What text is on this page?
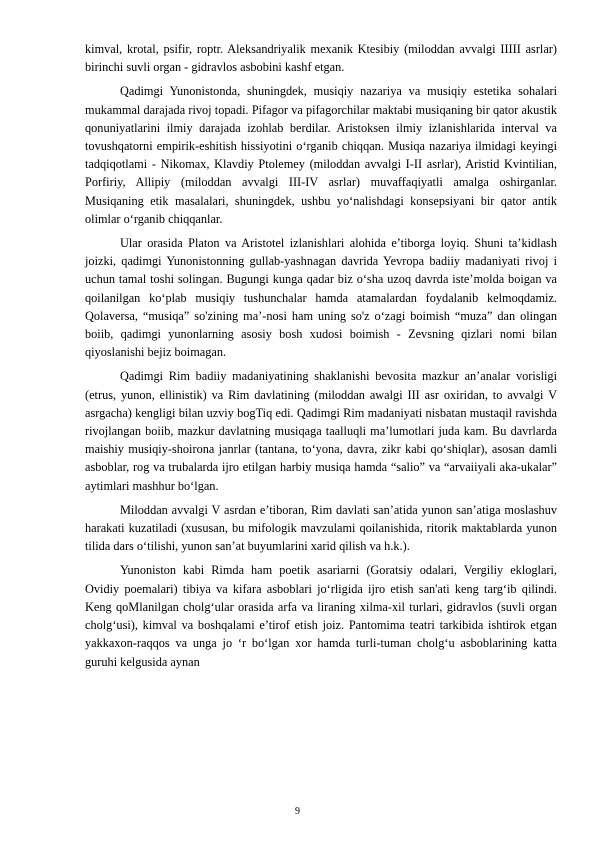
kimval, krotal, psifir, roptr. Aleksandriyalik mexanik Ktesibiy (miloddan avvalgi IIIII asrlar) birinchi suvli organ - gidravlos asbobini kashf etgan.

Qadimgi Yunonistonda, shuningdek, musiqiy nazariya va musiqiy estetika sohalari mukammal darajada rivoj topadi. Pifagor va pifagorchilar maktabi musiqaning bir qator akustik qonuniyatlarini ilmiy darajada izohlab berdilar. Aristoksen ilmiy izlanishlarida interval va tovushqatorni empirik-eshitish hissiyotini o‘rganib chiqqan. Musiqa nazariya ilmidagi keyingi tadqiqotlami - Nikomax, Klavdiy Ptolemey (miloddan avvalgi I-II asrlar), Aristid Kvintilian, Porfiriy, Allipiy (miloddan avvalgi III-IV asrlar) muvaffaqiyatli amalga oshirganlar. Musiqaning etik masalalari, shuningdek, ushbu yo‘nalishdagi konsepsiyani bir qator antik olimlar o‘rganib chiqqanlar.

Ular orasida Platon va Aristotel izlanishlari alohida e’tiborga loyiq. Shuni ta’kidlash joizki, qadimgi Yunonistonning gullab-yashnagan davrida Yevropa badiiy madaniyati rivoj i uchun tamal toshi solingan. Bugungi kunga qadar biz o‘sha uzoq davrda iste’molda boigan va qoilanilgan ko‘plab musiqiy tushunchalar hamda atamalardan foydalanib kelmoqdamiz. Qolaversa, “musiqa” so'zining ma’-nosi ham uning so'z o‘zagi boimish “muza” dan olingan boiib, qadimgi yunonlarning asosiy bosh xudosi boimish - Zevsning qizlari nomi bilan qiyoslanishi bejiz boimagan.

Qadimgi Rim badiiy madaniyatining shaklanishi bevosita mazkur an’analar vorisligi (etrus, yunon, ellinistik) va Rim davlatining (miloddan awalgi III asr oxiridan, to avvalgi V asrgacha) kengligi bilan uzviy bogTiq edi. Qadimgi Rim madaniyati nisbatan mustaqil ravishda rivojlangan boiib, mazkur davlatning musiqaga taalluqli ma’lumotlari juda kam. Bu davrlarda maishiy musiqiy-shoirona janrlar (tantana, to‘yona, davra, zikr kabi qo‘shiqlar), asosan damli asboblar, rog va trubalarda ijro etilgan harbiy musiqa hamda “salio” va “arvaiiyali aka-ukalar” aytimlari mashhur bo‘lgan.

Miloddan avvalgi V asrdan e’tiboran, Rim davlati san’atida yunon san’atiga moslashuv harakati kuzatiladi (xususan, bu mifologik mavzulami qoilanishida, ritorik maktablarda yunon tilida dars o‘tilishi, yunon san’at buyumlarini xarid qilish va h.k.).

Yunoniston kabi Rimda ham poetik asariarni (Goratsiy odalari, Vergiliy ekloglari, Ovidiy poemalari) tibiya va kifara asboblari jo‘rligida ijro etish san'ati keng targ‘ib qilindi. Keng qoMlanilgan cholg‘ular orasida arfa va liraning xilma-xil turlari, gidravlos (suvli organ cholg‘usi), kimval va boshqalami e’tirof etish joiz. Pantomima teatri tarkibida ishtirok etgan yakkaxon-raqqos va unga jo ‘r bo‘lgan xor hamda turli-tuman cholg‘u asboblarining katta guruhi kelgusida aynan

9
